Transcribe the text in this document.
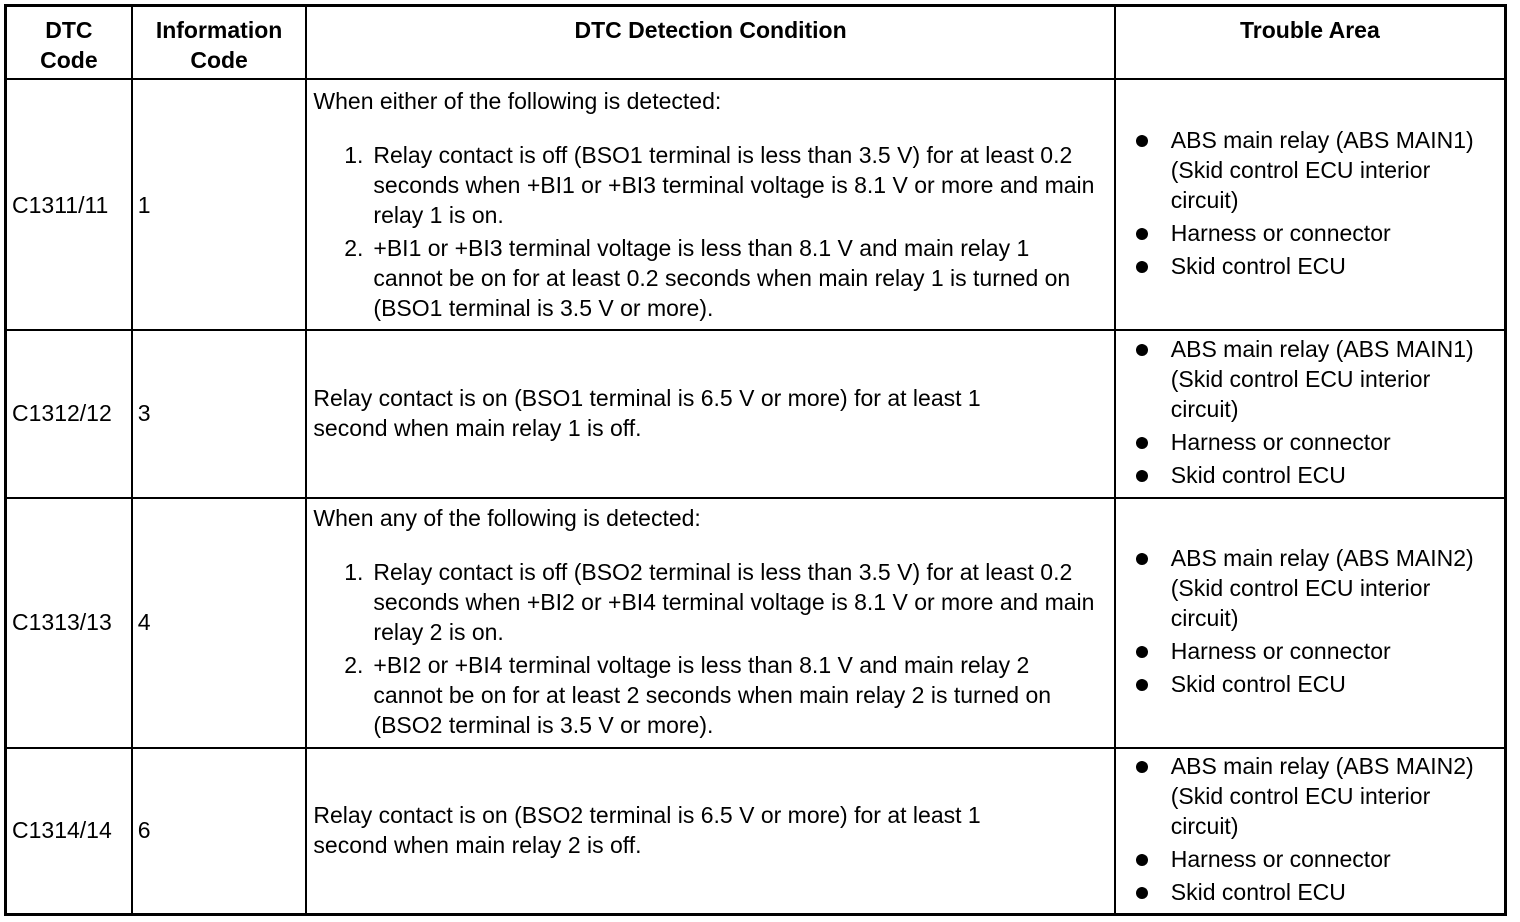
DTC
Code
Information
Code
DTC Detection Condition	Trouble Area
C1311/11 1

When either of the following is detected:

1. Relay contact is off (BSO1 terminal is less than 3.5 V) for at least 0.2 seconds when +BI1 or +BI3 terminal voltage is 8.1 V or more and main relay 1 is on.
2. +BI1 or +BI3 terminal voltage is less than 8.1 V and main relay 1 cannot be on for at least 0.2 seconds when main relay 1 is turned on (BSO1 terminal is 3.5 V or more).
ABS main relay (ABS MAIN1) (Skid control ECU interior circuit)
Harness or connector
Skid control ECU
C1312/12 3
Relay contact is on (BSO1 terminal is 6.5 V or more) for at least 1 second when main relay 1 is off.
ABS main relay (ABS MAIN1) (Skid control ECU interior circuit)
Harness or connector
Skid control ECU
C1313/13 4

When any of the following is detected:

1. Relay contact is off (BSO2 terminal is less than 3.5 V) for at least 0.2 seconds when +BI2 or +BI4 terminal voltage is 8.1 V or more and main relay 2 is on.
2. +BI2 or +BI4 terminal voltage is less than 8.1 V and main relay 2 cannot be on for at least 2 seconds when main relay 2 is turned on (BSO2 terminal is 3.5 V or more).
ABS main relay (ABS MAIN2) (Skid control ECU interior circuit)
Harness or connector
Skid control ECU
C1314/14 6
Relay contact is on (BSO2 terminal is 6.5 V or more) for at least 1 second when main relay 2 is off.
ABS main relay (ABS MAIN2) (Skid control ECU interior circuit)
Harness or connector
Skid control ECU
